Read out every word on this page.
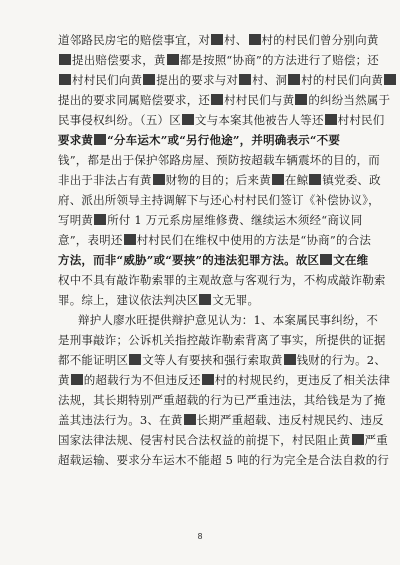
道邻路民房宅的赔偿事宜，对 村、 村的村民们曾分别向黄
提出赔偿要求，黄 都是按照“协商”的方法进行了赔偿；还
村村民们向黄 提出的要求与对 村、洞 村的村民们向黄
提出的要求同属赔偿要求，还 村村民们与黄 的纠纷当然属于
民事侵权纠纷。（五）区 文与本案其他被告人等还 村村民们
要求黄 “分车运木”或“另行他途”，并明确表示“不要
钱”，都是出于保护邻路房屋、预防按超载车辆震坏的目的，而
非出于非法占有黄 财物的目的；后来黄 在鲸 镇党委、政
府、派出所领导主持调解下与还心村村民们签订《补偿协议》，
写明黄 所付 1 万元系房屋维修费、继续运木须经“商议同
意”，表明还 村村民们在维权中使用的方法是“协商”的合法
方法，而非“威胁”或“要挟”的违法犯罪方法。故区 文在维
权中不具有敲诈勒索罪的主观故意与客观行为，不构成敲诈勒索
罪。综上，建议依法判决区 文无罪。
辩护人廖水旺提供辩护意见认为：1、本案属民事纠纷，不
是刑事敲诈；公诉机关指控敲诈勒索背离了事实，所提供的证据
都不能证明区 文等人有要挟和强行索取黄 钱财的行为。2、
黄 的超载行为不但违反还 村的村规民约，更违反了相关法律
法规，其长期特别严重超载的行为已严重违法，其给钱是为了掩
盖其违法行为。3、在黄 长期严重超载、违反村规民约、违反
国家法律法规、侵害村民合法权益的前提下，村民阻止黄 严重
超载运输、要求分车运木不能超 5 吨的行为完全是合法自救的行
8
